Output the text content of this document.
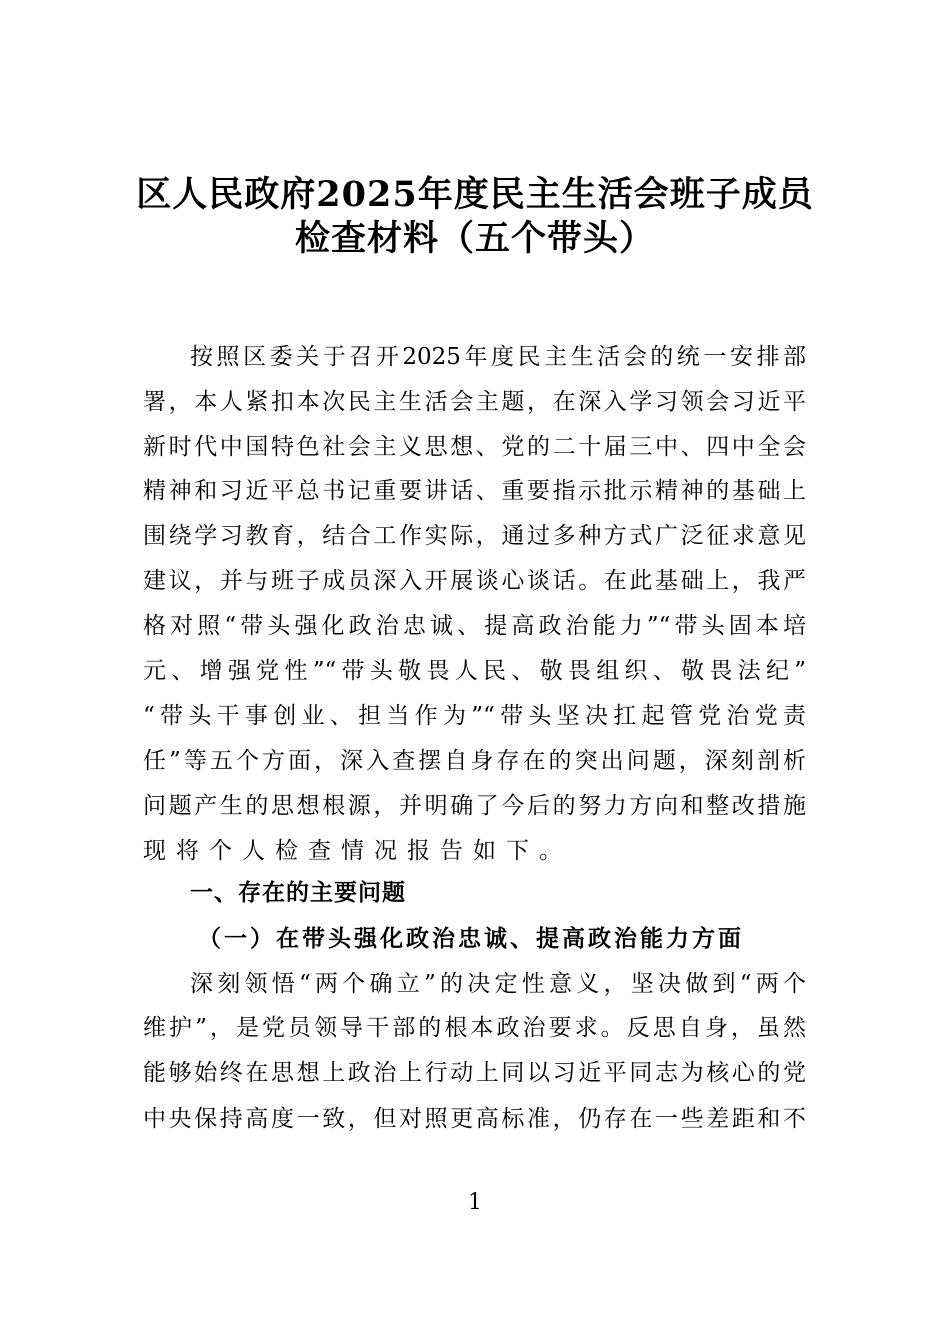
区人民政府2025年度民主生活会班子成员
检查材料（五个带头）
按照区委关于召开2025年度民主生活会的统一安排部
署，本人紧扣本次民主生活会主题，在深入学习领会习近平
新时代中国特色社会主义思想、党的二十届三中、四中全会
精神和习近平总书记重要讲话、重要指示批示精神的基础上
围绕学习教育，结合工作实际，通过多种方式广泛征求意见
建议，并与班子成员深入开展谈心谈话。在此基础上，我严
格对照“带头强化政治忠诚、提高政治能力”“带头固本培
元、增强党性”“带头敬畏人民、敬畏组织、敬畏法纪”
“带头干事创业、担当作为”“带头坚决扛起管党治党责
任”等五个方面，深入查摆自身存在的突出问题，深刻剖析
问题产生的思想根源，并明确了今后的努力方向和整改措施
现将个人检查情况报告如下。
一、存在的主要问题
（一）在带头强化政治忠诚、提高政治能力方面
深刻领悟“两个确立”的决定性意义，坚决做到“两个
维护”，是党员领导干部的根本政治要求。反思自身，虽然
能够始终在思想上政治上行动上同以习近平同志为核心的党
中央保持高度一致，但对照更高标准，仍存在一些差距和不
1
